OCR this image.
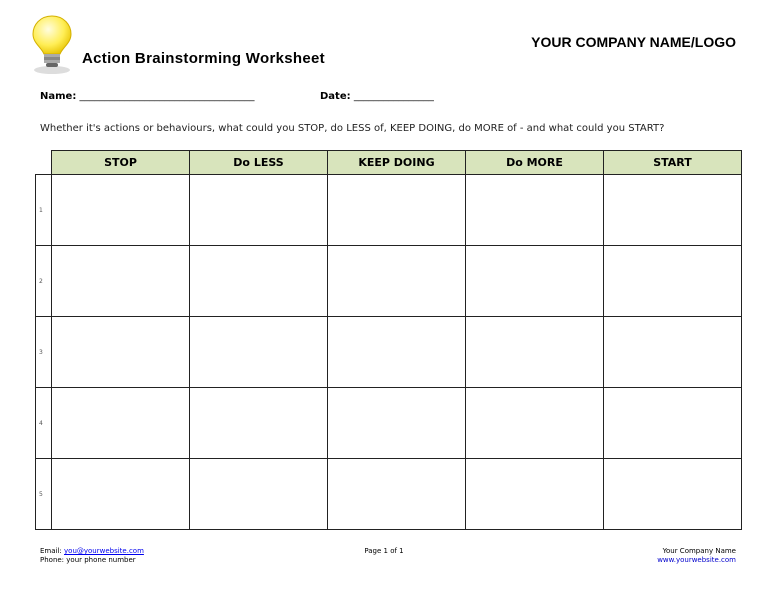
Action Brainstorming Worksheet
YOUR COMPANY NAME/LOGO
Name: ___________________________________	Date: ________________
Whether it's actions or behaviours, what could you STOP, do LESS of, KEEP DOING, do MORE of - and what could you START?
	STOP	Do LESS	KEEP DOING	Do MORE	START
1					
2					
3					
4					
5					
Email: you@yourwebsite.com
Phone: your phone number
Page 1 of 1	Your Company Name
www.yourwebsite.com
